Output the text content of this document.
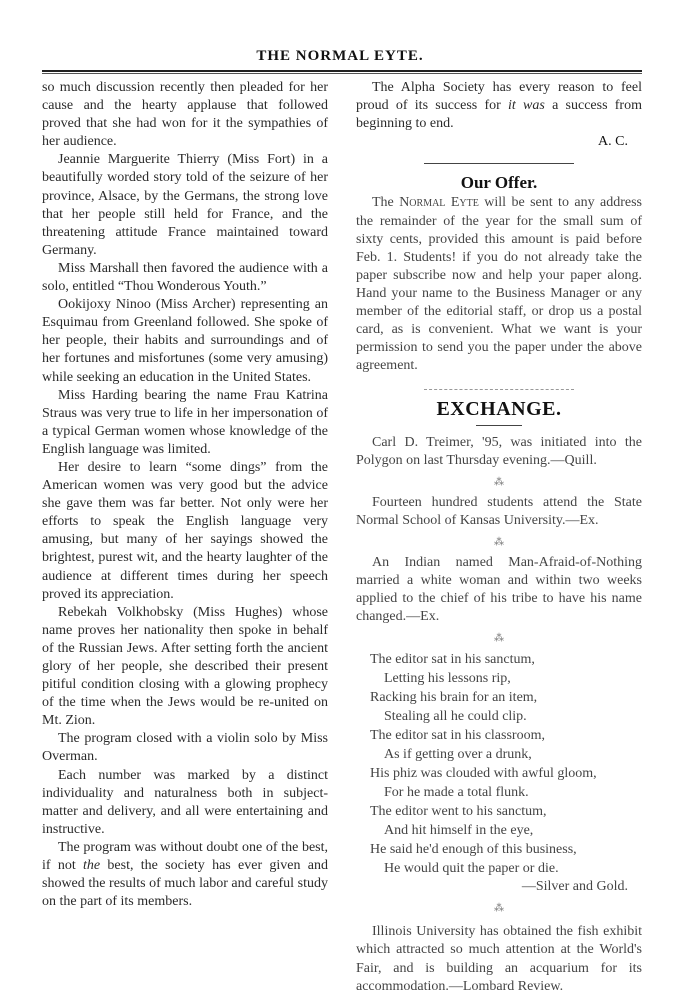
THE NORMAL EYTE.

so much discussion recently then pleaded for her cause and the hearty applause that followed proved that she had won for it the sympathies of her audience.

Jeannie Marguerite Thierry (Miss Fort) in a beautifully worded story told of the seizure of her province, Alsace, by the Germans, the strong love that her people still held for France, and the threatening attitude France maintained toward Germany.

Miss Marshall then favored the audience with a solo, entitled “Thou Wonderous Youth.”

Ookijoxy Ninoo (Miss Archer) representing an Esquimau from Greenland followed. She spoke of her people, their habits and surroundings and of her fortunes and misfortunes (some very amusing) while seeking an education in the United States.

Miss Harding bearing the name Frau Katrina Straus was very true to life in her impersonation of a typical German women whose knowledge of the English language was limited.

Her desire to learn “some dings” from the American women was very good but the advice she gave them was far better. Not only were her efforts to speak the English language very amusing, but many of her sayings showed the brightest, purest wit, and the hearty laughter of the audience at different times during her speech proved its appreciation.

Rebekah Volkhobsky (Miss Hughes) whose name proves her nationality then spoke in behalf of the Russian Jews. After setting forth the ancient glory of her people, she described their present pitiful condition closing with a glowing prophecy of the time when the Jews would be re-united on Mt. Zion.

The program closed with a violin solo by Miss Overman.

Each number was marked by a distinct individuality and naturalness both in subject-matter and delivery, and all were entertaining and instructive.

The program was without doubt one of the best, if not the best, the society has ever given and showed the results of much labor and careful study on the part of its members.

The Alpha Society has every reason to feel proud of its success for it was a success from beginning to end.

A. C.
Our Offer.

The Normal Eyte will be sent to any address the remainder of the year for the small sum of sixty cents, provided this amount is paid before Feb. 1. Students! if you do not already take the paper subscribe now and help your paper along. Hand your name to the Business Manager or any member of the editorial staff, or drop us a postal card, as is convenient. What we want is your permission to send you the paper under the above agreement.

EXCHANGE.

Carl D. Treimer, '95, was initiated into the Polygon on last Thursday evening.—Quill.

⁂

Fourteen hundred students attend the State Normal School of Kansas University.—Ex.

⁂

An Indian named Man-Afraid-of-Nothing married a white woman and within two weeks applied to the chief of his tribe to have his name changed.—Ex.

⁂
The editor sat in his sanctum,
Letting his lessons rip,
Racking his brain for an item,
Stealing all he could clip.
The editor sat in his classroom,
As if getting over a drunk,
His phiz was clouded with awful gloom,
For he made a total flunk.
The editor went to his sanctum,
And hit himself in the eye,
He said he'd enough of this business,
He would quit the paper or die.
—Silver and Gold.
⁂

Illinois University has obtained the fish exhibit which attracted so much attention at the World's Fair, and is building an acquarium for its accommodation.—Lombard Review.
